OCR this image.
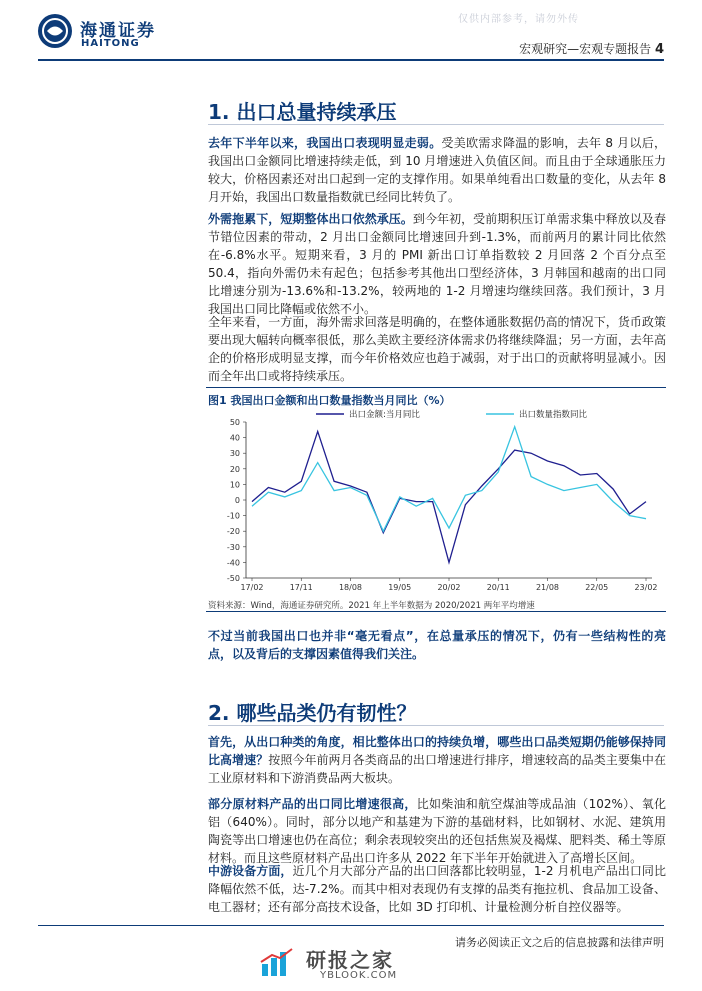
仅供内部参考，请勿外传
海通证券
HAITONG	宏观研究—宏观专题报告 4
1. 出口总量持续承压
去年下半年以来，我国出口表现明显走弱。受美欧需求降温的影响，去年 8 月以后，我国出口金额同比增速持续走低，到 10 月增速进入负值区间。而且由于全球通胀压力较大，价格因素还对出口起到一定的支撑作用。如果单纯看出口数量的变化，从去年 8 月开始，我国出口数量指数就已经同比转负了。
外需拖累下，短期整体出口依然承压。到今年初，受前期积压订单需求集中释放以及春节错位因素的带动，2 月出口金额同比增速回升到-1.3%，而前两月的累计同比依然在-6.8%水平。短期来看，3 月的 PMI 新出口订单指数较 2 月回落 2 个百分点至 50.4，指向外需仍未有起色；包括参考其他出口型经济体，3 月韩国和越南的出口同比增速分别为-13.6%和-13.2%，较两地的 1-2 月增速均继续回落。我们预计，3 月我国出口同比降幅或依然不小。
全年来看，一方面，海外需求回落是明确的，在整体通胀数据仍高的情况下，货币政策要出现大幅转向概率很低，那么美欧主要经济体需求仍将继续降温；另一方面，去年高企的价格形成明显支撑，而今年价格效应也趋于减弱，对于出口的贡献将明显减小。因而全年出口或将持续承压。
图1 我国出口金额和出口数量指数当月同比（%）
50
40
30
20
10
0
-10
-20
-30
-40
-50
17/02	17/11	18/08	19/05	20/02	20/11	21/08	22/05	23/02
出口金额:当月同比	出口数量指数同比
资料来源：Wind，海通证券研究所。2021 年上半年数据为 2020/2021 两年平均增速
不过当前我国出口也并非“毫无看点”，在总量承压的情况下，仍有一些结构性的亮点，以及背后的支撑因素值得我们关注。
2. 哪些品类仍有韧性？
首先，从出口种类的角度，相比整体出口的持续负增，哪些出口品类短期仍能够保持同比高增速？按照今年前两月各类商品的出口增速进行排序，增速较高的品类主要集中在工业原材料和下游消费品两大板块。
部分原材料产品的出口同比增速很高，比如柴油和航空煤油等成品油（102%）、氧化铝（640%）。同时，部分以地产和基建为下游的基础材料，比如钢材、水泥、建筑用陶瓷等出口增速也仍在高位；剩余表现较突出的还包括焦炭及褐煤、肥料类、稀土等原材料。而且这些原材料产品出口许多从 2022 年下半年开始就进入了高增长区间。
中游设备方面，近几个月大部分产品的出口回落都比较明显，1-2 月机电产品出口同比降幅依然不低，达-7.2%。而其中相对表现仍有支撑的品类有拖拉机、食品加工设备、电工器材；还有部分高技术设备，比如 3D 打印机、计量检测分析自控仪器等。
请务必阅读正文之后的信息披露和法律声明
研报之家
YBLOOK.COM
